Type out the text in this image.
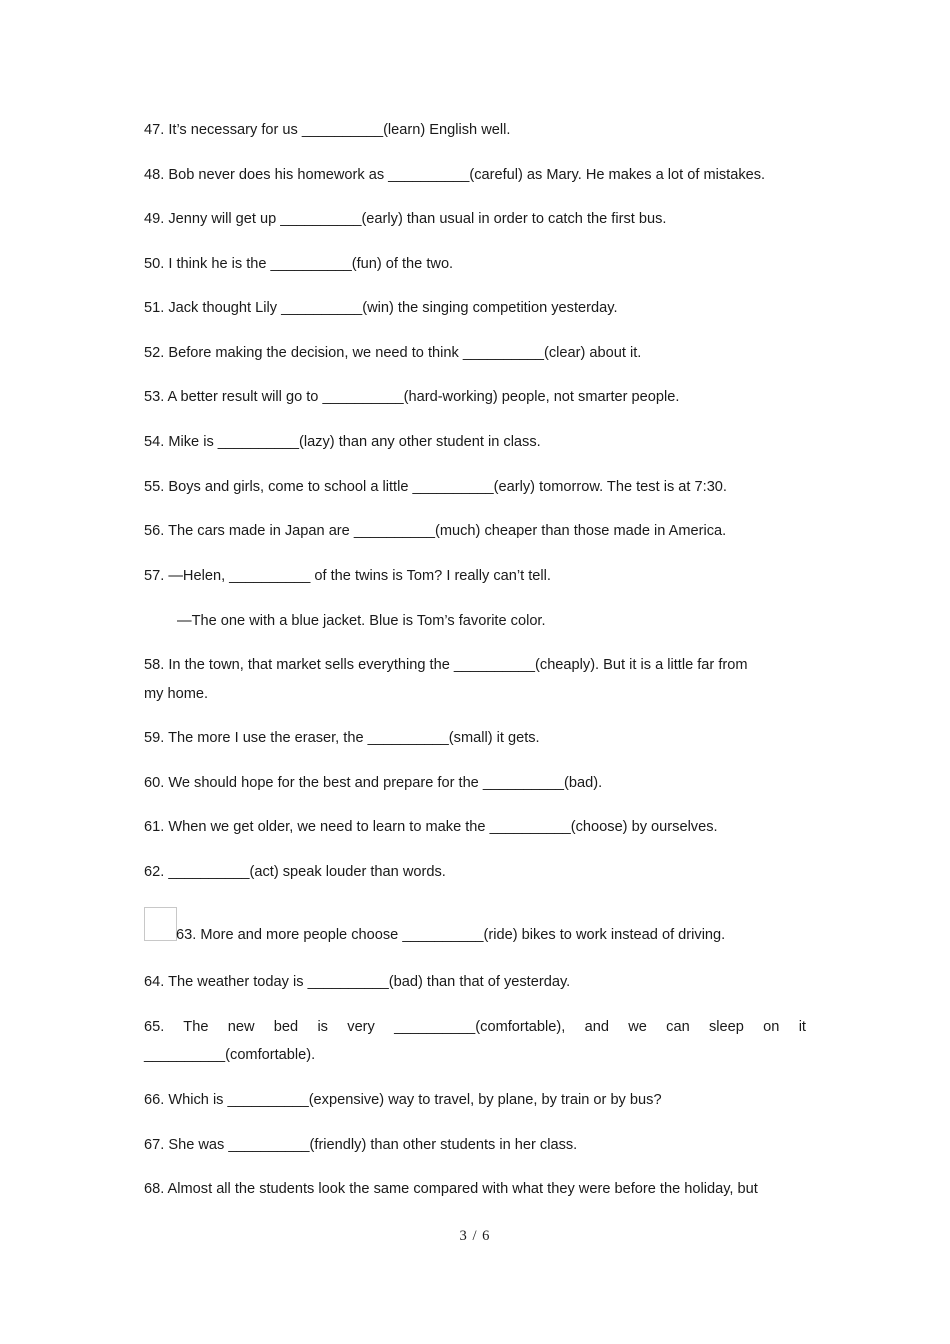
47. It’s necessary for us __________(learn) English well.
48. Bob never does his homework as __________(careful) as Mary. He makes a lot of mistakes.
49. Jenny will get up __________(early) than usual in order to catch the first bus.
50. I think he is the __________(fun) of the two.
51. Jack thought Lily __________(win) the singing competition yesterday.
52. Before making the decision, we need to think __________(clear) about it.
53. A better result will go to __________(hard-working) people, not smarter people.
54. Mike is __________(lazy) than any other student in class.
55. Boys and girls, come to school a little __________(early) tomorrow. The test is at 7:30.
56. The cars made in Japan are __________(much) cheaper than those made in America.
57. —Helen, __________ of the twins is Tom? I really can’t tell.
—The one with a blue jacket. Blue is Tom’s favorite color.
58. In the town, that market sells everything the __________(cheaply). But it is a little far from
my home.
59. The more I use the eraser, the __________(small) it gets.
60. We should hope for the best and prepare for the __________(bad).
61. When we get older, we need to learn to make the __________(choose) by ourselves.
62. __________(act) speak louder than words.
63. More and more people choose __________(ride) bikes to work instead of driving.
64. The weather today is __________(bad) than that of yesterday.
65. The new bed is very __________(comfortable), and we can sleep on it
__________(comfortable).
66. Which is __________(expensive) way to travel, by plane, by train or by bus?
67. She was __________(friendly) than other students in her class.
68. Almost all the students look the same compared with what they were before the holiday, but
3 / 6
